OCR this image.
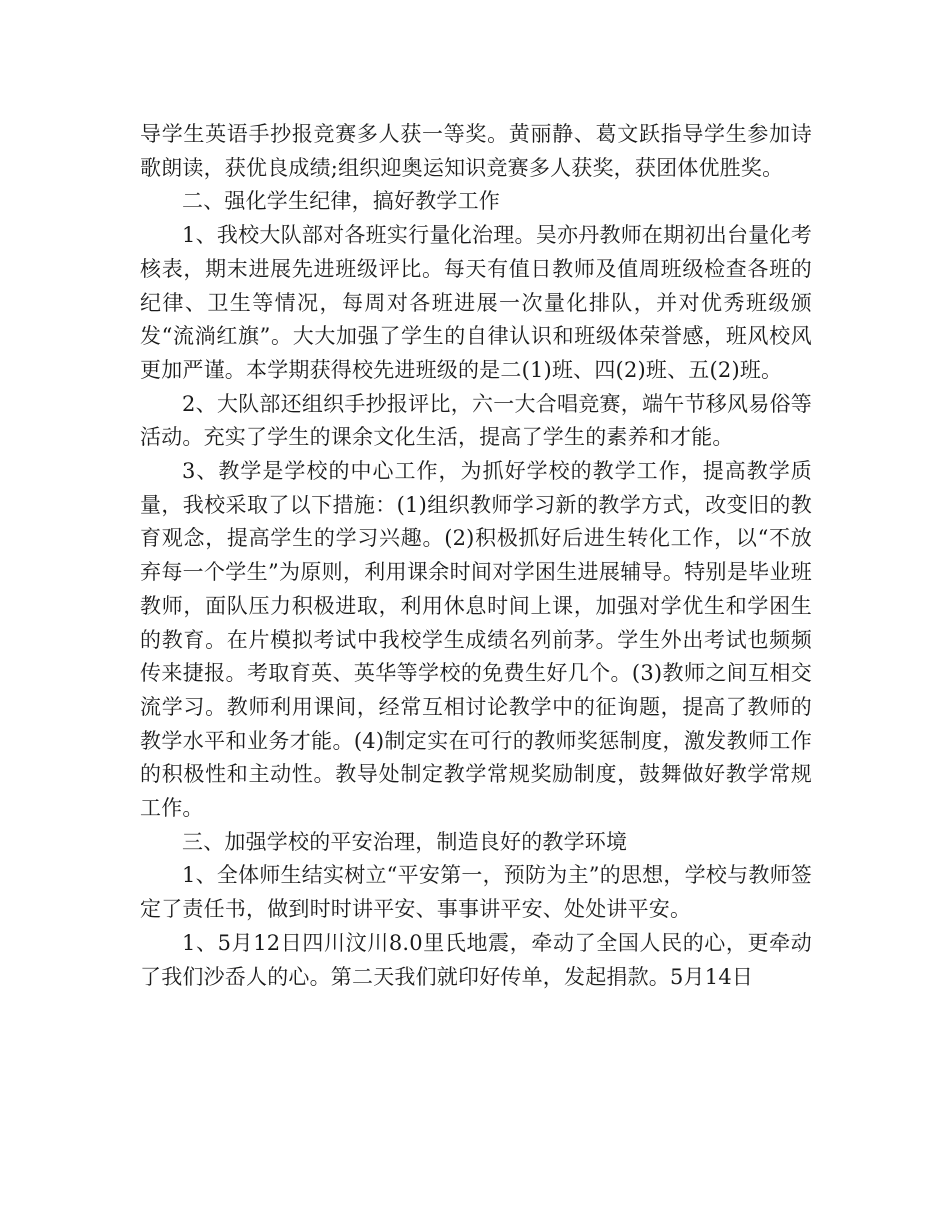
导学生英语手抄报竞赛多人获一等奖。黄丽静、葛文跃指导学生参加诗歌朗读，获优良成绩;组织迎奥运知识竞赛多人获奖，获团体优胜奖。

二、强化学生纪律，搞好教学工作

1、我校大队部对各班实行量化治理。吴亦丹教师在期初出台量化考核表，期末进展先进班级评比。每天有值日教师及值周班级检查各班的纪律、卫生等情况，每周对各班进展一次量化排队，并对优秀班级颁发“流淌红旗”。大大加强了学生的自律认识和班级体荣誉感，班风校风更加严谨。本学期获得校先进班级的是二(1)班、四(2)班、五(2)班。

2、大队部还组织手抄报评比，六一大合唱竞赛，端午节移风易俗等活动。充实了学生的课余文化生活，提高了学生的素养和才能。

3、教学是学校的中心工作，为抓好学校的教学工作，提高教学质量，我校采取了以下措施：(1)组织教师学习新的教学方式，改变旧的教育观念，提高学生的学习兴趣。(2)积极抓好后进生转化工作，以“不放弃每一个学生”为原则，利用课余时间对学困生进展辅导。特别是毕业班教师，面队压力积极进取，利用休息时间上课，加强对学优生和学困生的教育。在片模拟考试中我校学生成绩名列前茅。学生外出考试也频频传来捷报。考取育英、英华等学校的免费生好几个。(3)教师之间互相交流学习。教师利用课间，经常互相讨论教学中的征询题，提高了教师的教学水平和业务才能。(4)制定实在可行的教师奖惩制度，激发教师工作的积极性和主动性。教导处制定教学常规奖励制度，鼓舞做好教学常规工作。

三、加强学校的平安治理，制造良好的教学环境

1、全体师生结实树立“平安第一，预防为主”的思想，学校与教师签定了责任书，做到时时讲平安、事事讲平安、处处讲平安。

1、5月12日四川汶川8.0里氏地震，牵动了全国人民的心，更牵动了我们沙岙人的心。第二天我们就印好传单，发起捐款。5月14日
